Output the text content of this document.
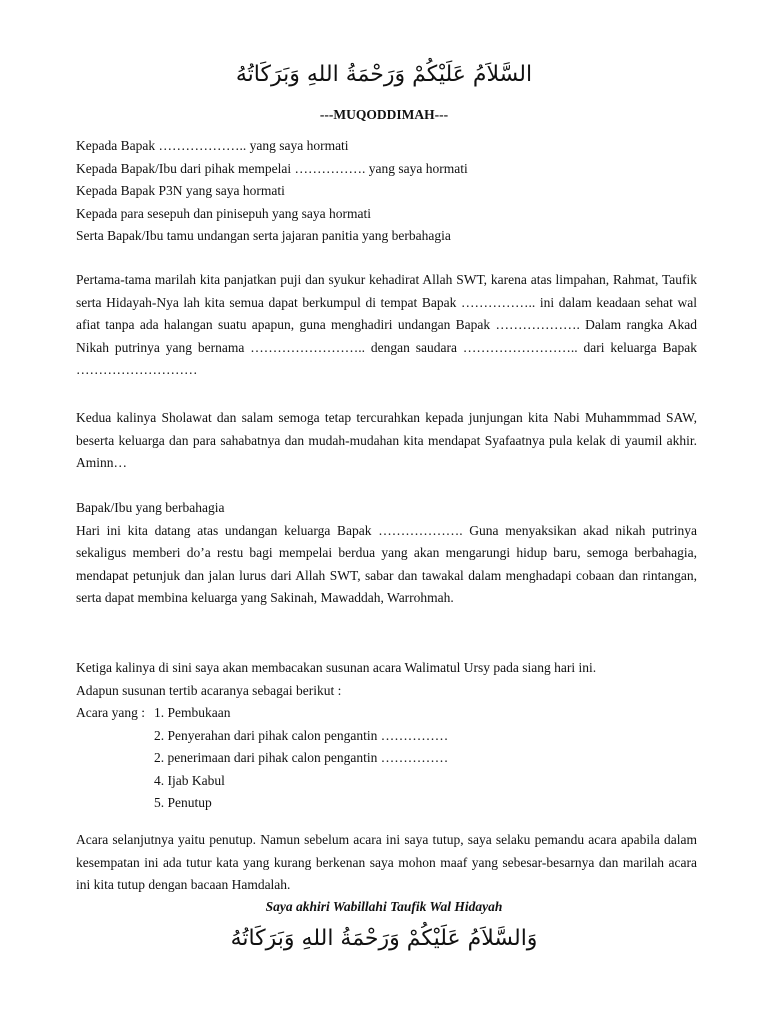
السَّلاَمُ عَلَيْكُمْ وَرَحْمَةُ اللهِ وَبَرَكَاتُهُ
---MUQODDIMAH---

Kepada Bapak ……………….. yang saya hormati

Kepada Bapak/Ibu dari pihak mempelai ……………. yang saya hormati

Kepada Bapak P3N yang saya hormati

Kepada para sesepuh dan pinisepuh yang saya hormati

Serta Bapak/Ibu tamu undangan serta jajaran panitia yang berbahagia

Pertama-tama marilah kita panjatkan puji dan syukur kehadirat Allah SWT, karena atas limpahan, Rahmat, Taufik serta Hidayah-Nya lah kita semua dapat berkumpul di tempat Bapak …………….. ini dalam keadaan sehat wal afiat tanpa ada halangan suatu apapun, guna menghadiri undangan Bapak ………………. Dalam rangka Akad Nikah putrinya yang bernama …………………….. dengan saudara …………………….. dari keluarga Bapak ………………………

Kedua kalinya Sholawat dan salam semoga tetap tercurahkan kepada junjungan kita Nabi Muhammmad SAW, beserta keluarga dan para sahabatnya dan mudah-mudahan kita mendapat Syafaatnya pula kelak di yaumil akhir. Aminn…

Bapak/Ibu yang berbahagia

Hari ini kita datang atas undangan keluarga Bapak ………………. Guna menyaksikan akad nikah putrinya sekaligus memberi do’a restu bagi mempelai berdua yang akan mengarungi hidup baru, semoga berbahagia, mendapat petunjuk dan jalan lurus dari Allah SWT, sabar dan tawakal dalam menghadapi cobaan dan rintangan, serta dapat membina keluarga yang Sakinah, Mawaddah, Warrohmah.

Ketiga kalinya di sini saya akan membacakan susunan acara Walimatul Ursy pada siang hari ini.

Adapun susunan tertib acaranya sebagai berikut :

Acara yang : 1. Pembukaan
2. Penyerahan dari pihak calon pengantin ……………
2. penerimaan dari pihak calon pengantin ……………
4. Ijab Kabul
5. Penutup

Acara selanjutnya yaitu penutup. Namun sebelum acara ini saya tutup, saya selaku pemandu acara apabila dalam kesempatan ini ada tutur kata yang kurang berkenan saya mohon maaf yang sebesar-besarnya dan marilah acara ini kita tutup dengan bacaan Hamdalah.

Saya akhiri Wabillahi Taufik Wal Hidayah
وَالسَّلاَمُ عَلَيْكُمْ وَرَحْمَةُ اللهِ وَبَرَكَاتُهُ
